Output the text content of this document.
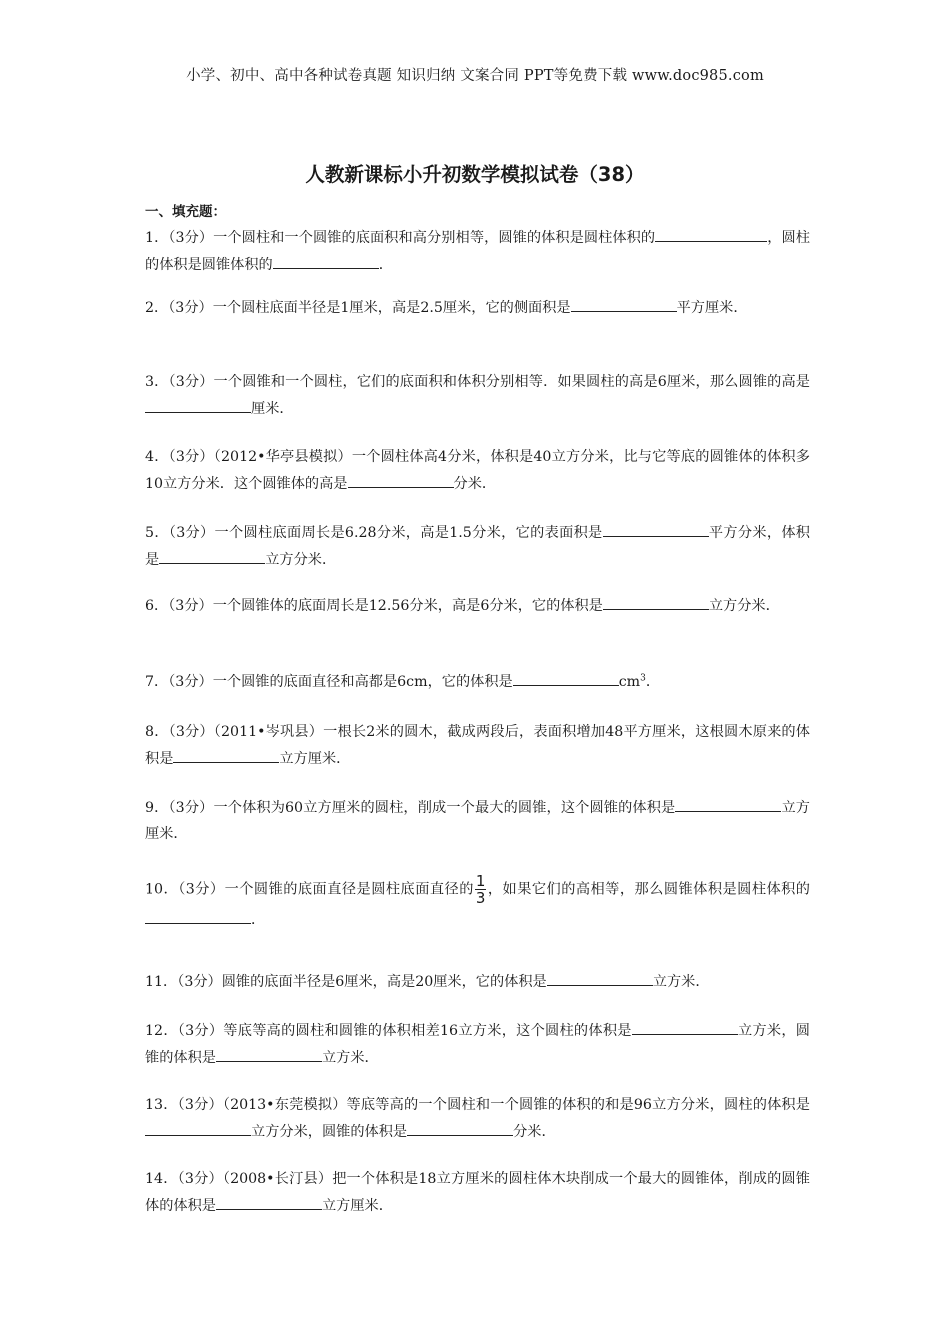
小学、初中、高中各种试卷真题 知识归纳 文案合同 PPT等免费下载 www.doc985.com
人教新课标小升初数学模拟试卷（38）
一、填充题：
1．（3分）一个圆柱和一个圆锥的底面积和高分别相等，圆锥的体积是圆柱体积的	，圆柱的体积是圆锥体积的	．
2．（3分）一个圆柱底面半径是1厘米，高是2.5厘米，它的侧面积是	平方厘米．
3．（3分）一个圆锥和一个圆柱，它们的底面积和体积分别相等．如果圆柱的高是6厘米，那么圆锥的高是厘米．
4．（3分）（2012•华亭县模拟）一个圆柱体高4分米，体积是40立方分米，比与它等底的圆锥体的体积多10立方分米．这个圆锥体的高是	分米．
5．（3分）一个圆柱底面周长是6.28分米，高是1.5分米，它的表面积是	平方分米，体积是	立方分米．
6．（3分）一个圆锥体的底面周长是12.56分米，高是6分米，它的体积是	立方分米．
7．（3分）一个圆锥的底面直径和高都是6cm，它的体积是	$cm^3$．
8．（3分）（2011•岑巩县）一根长2米的圆木，截成两段后，表面积增加48平方厘米，这根圆木原来的体积是	立方厘米．
9．（3分）一个体积为60立方厘米的圆柱，削成一个最大的圆锥，这个圆锥的体积是	立方厘米．
10．（3分）一个圆锥的底面直径是圆柱底面直径的 $\frac{1}{3}$ ，如果它们的高相等，那么圆锥体积是圆柱体积的．
11．（3分）圆锥的底面半径是6厘米，高是20厘米，它的体积是	立方米．
12．（3分）等底等高的圆柱和圆锥的体积相差16立方米，这个圆柱的体积是	立方米，圆锥的体积是	立方米．
13．（3分）（2013•东莞模拟）等底等高的一个圆柱和一个圆锥的体积的和是96立方分米，圆柱的体积是立方分米，圆锥的体积是	分米．
14．（3分）（2008•长汀县）把一个体积是18立方厘米的圆柱体木块削成一个最大的圆锥体，削成的圆锥体的体积是	立方厘米．
